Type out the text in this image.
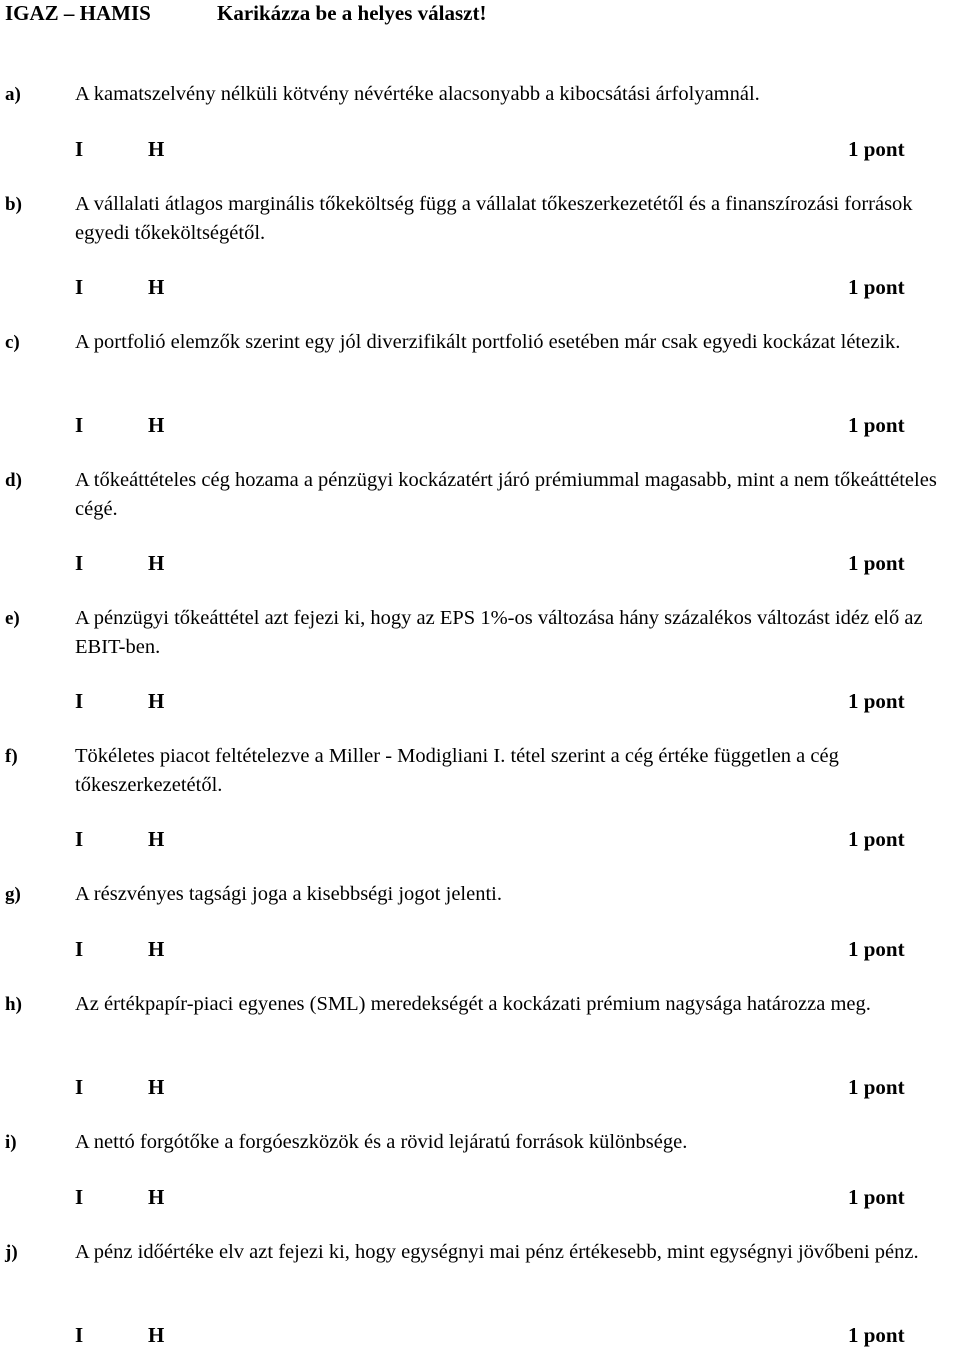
IGAZ – HAMIS	Karikázza be a helyes választ!
a)	A kamatszelvény nélküli kötvény névértéke alacsonyabb a kibocsátási árfolyamnál.
I	H	1 pont
b)	A vállalati átlagos marginális tőkeköltség függ a vállalat tőkeszerkezetétől és a finanszírozási források egyedi tőkeköltségétől.
I	H	1 pont
c)	A portfolió elemzők szerint egy jól diverzifikált portfolió esetében már csak egyedi kockázat létezik.
I	H	1 pont
d)	A tőkeáttételes cég hozama a pénzügyi kockázatért járó prémiummal magasabb, mint a nem tőkeáttételes cégé.
I	H	1 pont
e)	A pénzügyi tőkeáttétel azt fejezi ki, hogy az EPS 1%-os változása hány százalékos változást idéz elő az EBIT-ben.
I	H	1 pont
f)	Tökéletes piacot feltételezve a Miller - Modigliani I. tétel szerint a cég értéke független a cég tőkeszerkezetétől.
I	H	1 pont
g)	A részvényes tagsági joga a kisebbségi jogot jelenti.
I	H	1 pont
h)	Az értékpapír-piaci egyenes (SML) meredekségét a kockázati prémium nagysága határozza meg.
I	H	1 pont
i)	A nettó forgótőke a forgóeszközök és a rövid lejáratú források különbsége.
I	H	1 pont
j)	A pénz időértéke elv azt fejezi ki, hogy egységnyi mai pénz értékesebb, mint egységnyi jövőbeni pénz.
I	H	1 pont
